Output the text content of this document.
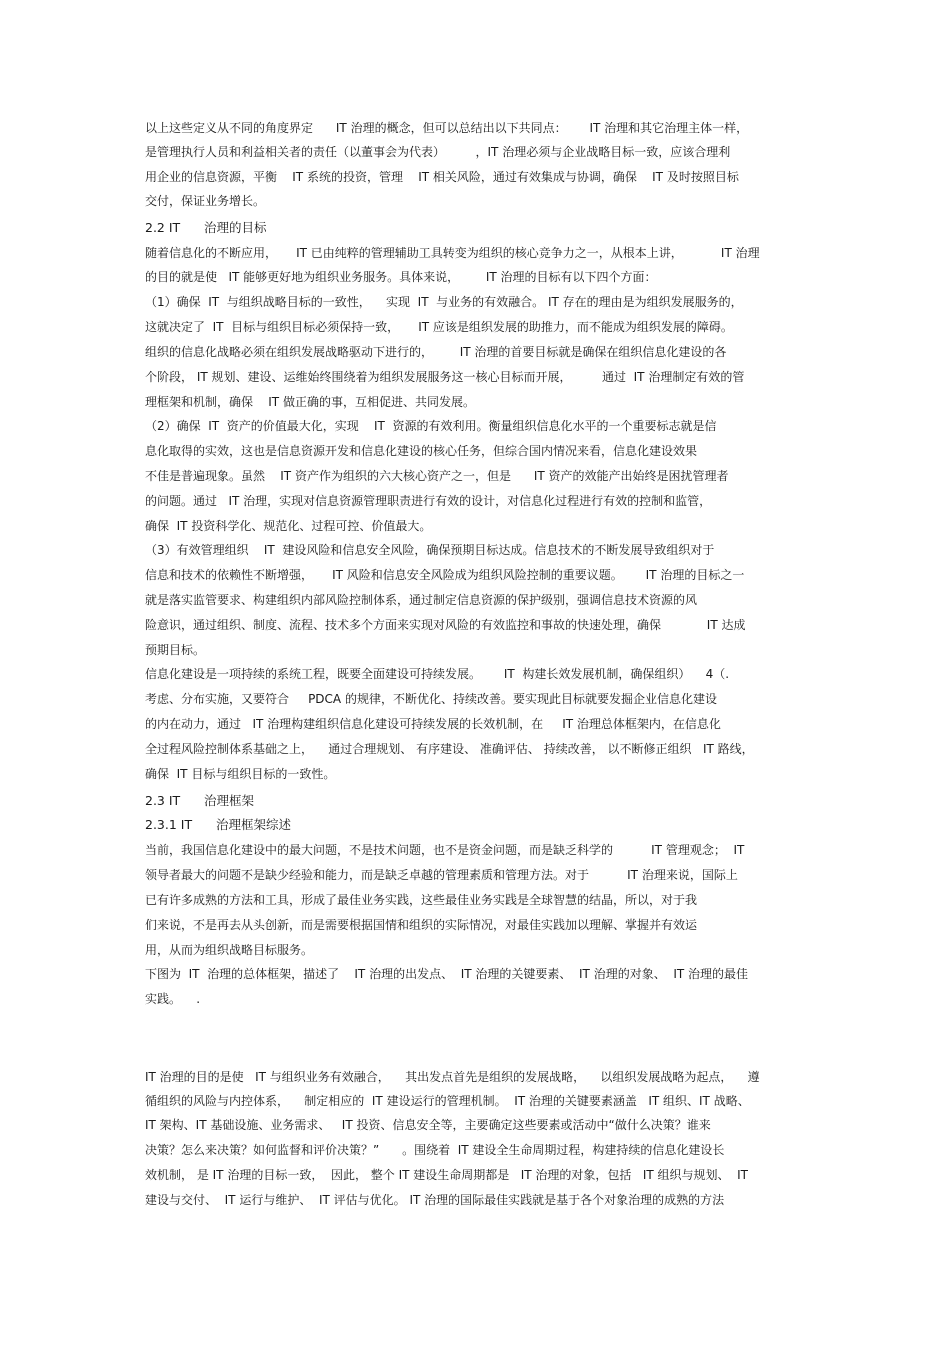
以上这些定义从不同的角度界定      IT 治理的概念，但可以总结出以下共同点：      IT 治理和其它治理主体一样，
是管理执行人员和利益相关者的责任（以董事会为代表）        ，IT 治理必须与企业战略目标一致，应该合理利
用企业的信息资源，平衡    IT 系统的投资，管理    IT 相关风险，通过有效集成与协调，确保    IT 及时按照目标
交付，保证业务增长。
2.2 IT      治理的目标
随着信息化的不断应用，     IT 已由纯粹的管理辅助工具转变为组织的核心竞争力之一，从根本上讲，          IT 治理
的目的就是使   IT 能够更好地为组织业务服务。具体来说，       IT 治理的目标有以下四个方面：
（1）确保  IT  与组织战略目标的一致性，    实现  IT  与业务的有效融合。 IT 存在的理由是为组织发展服务的，
这就决定了  IT  目标与组织目标必须保持一致，     IT 应该是组织发展的助推力，而不能成为组织发展的障碍。
组织的信息化战略必须在组织发展战略驱动下进行的，       IT 治理的首要目标就是确保在组织信息化建设的各
个阶段， IT 规划、建设、运维始终围绕着为组织发展服务这一核心目标而开展，        通过  IT 治理制定有效的管
理框架和机制，确保    IT 做正确的事，互相促进、共同发展。
（2）确保  IT  资产的价值最大化，实现    IT  资源的有效利用。衡量组织信息化水平的一个重要标志就是信
息化取得的实效，这也是信息资源开发和信息化建设的核心任务，但综合国内情况来看，信息化建设效果
不佳是普遍现象。虽然    IT 资产作为组织的六大核心资产之一，但是      IT 资产的效能产出始终是困扰管理者
的问题。通过   IT 治理，实现对信息资源管理职责进行有效的设计，对信息化过程进行有效的控制和监管，
确保  IT 投资科学化、规范化、过程可控、价值最大。
（3）有效管理组织    IT  建设风险和信息安全风险，确保预期目标达成。信息技术的不断发展导致组织对于
信息和技术的依赖性不断增强，     IT 风险和信息安全风险成为组织风险控制的重要议题。      IT 治理的目标之一
就是落实监管要求、构建组织内部风险控制体系，通过制定信息资源的保护级别，强调信息技术资源的风
险意识，通过组织、制度、流程、技术多个方面来实现对风险的有效监控和事故的快速处理，确保            IT 达成
预期目标。
信息化建设是一项持续的系统工程，既要全面建设可持续发展。      IT  构建长效发展机制，确保组织）    4（.
考虑、分布实施，又要符合     PDCA 的规律，不断优化、持续改善。要实现此目标就要发掘企业信息化建设
的内在动力，通过   IT 治理构建组织信息化建设可持续发展的长效机制，在     IT 治理总体框架内，在信息化
全过程风险控制体系基础之上，    通过合理规划、 有序建设、 准确评估、 持续改善， 以不断修正组织   IT 路线，
确保  IT 目标与组织目标的一致性。
2.3 IT      治理框架
2.3.1 IT      治理框架综述
当前，我国信息化建设中的最大问题，不是技术问题，也不是资金问题，而是缺乏科学的          IT 管理观念；  IT
领导者最大的问题不是缺少经验和能力，而是缺乏卓越的管理素质和管理方法。对于          IT 治理来说，国际上
已有许多成熟的方法和工具，形成了最佳业务实践，这些最佳业务实践是全球智慧的结晶，所以，对于我
们来说，不是再去从头创新，而是需要根据国情和组织的实际情况，对最佳实践加以理解、掌握并有效运
用，从而为组织战略目标服务。
下图为  IT  治理的总体框架，描述了    IT 治理的出发点、  IT 治理的关键要素、  IT 治理的对象、  IT 治理的最佳
实践。    .
IT 治理的目的是使   IT 与组织业务有效融合，    其出发点首先是组织的发展战略，    以组织发展战略为起点，    遵
循组织的风险与内控体系，    制定相应的  IT 建设运行的管理机制。  IT 治理的关键要素涵盖   IT 组织、IT 战略、
IT 架构、IT 基础设施、业务需求、   IT 投资、信息安全等，主要确定这些要素或活动中“做什么决策？谁来
决策？怎么来决策？如何监督和评价决策？”      。围绕着  IT 建设全生命周期过程，构建持续的信息化建设长
效机制， 是 IT 治理的目标一致，  因此， 整个 IT 建设生命周期都是   IT 治理的对象，包括   IT 组织与规划、  IT
建设与交付、  IT 运行与维护、  IT 评估与优化。 IT 治理的国际最佳实践就是基于各个对象治理的成熟的方法
